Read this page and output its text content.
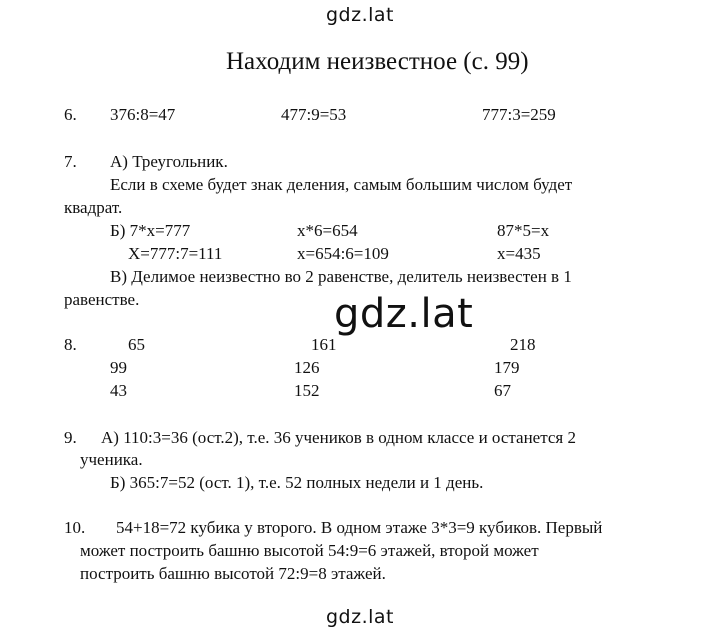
gdz.lat
Находим неизвестное (с. 99)
6. 376:8=47	477:9=53	777:3=259
7. А) Треугольник.
Если в схеме будет знак деления, самым большим числом будет
квадрат.
Б) 7*х=777	х*6=654	87*5=х
Х=777:7=111	х=654:6=109	х=435
В) Делимое неизвестно во 2 равенстве, делитель неизвестен в 1
равенстве.
8.	65	161	218
99	126	179
43	152	67
gdz.lat
9. А) 110:3=36 (ост.2), т.е. 36 учеников в одном классе и останется 2
ученика.
Б) 365:7=52 (ост. 1), т.е. 52 полных недели и 1 день.
10. 54+18=72 кубика у второго. В одном этаже 3*3=9 кубиков. Первый
может построить башню высотой 54:9=6 этажей, второй может
построить башню высотой 72:9=8 этажей.
gdz.lat
